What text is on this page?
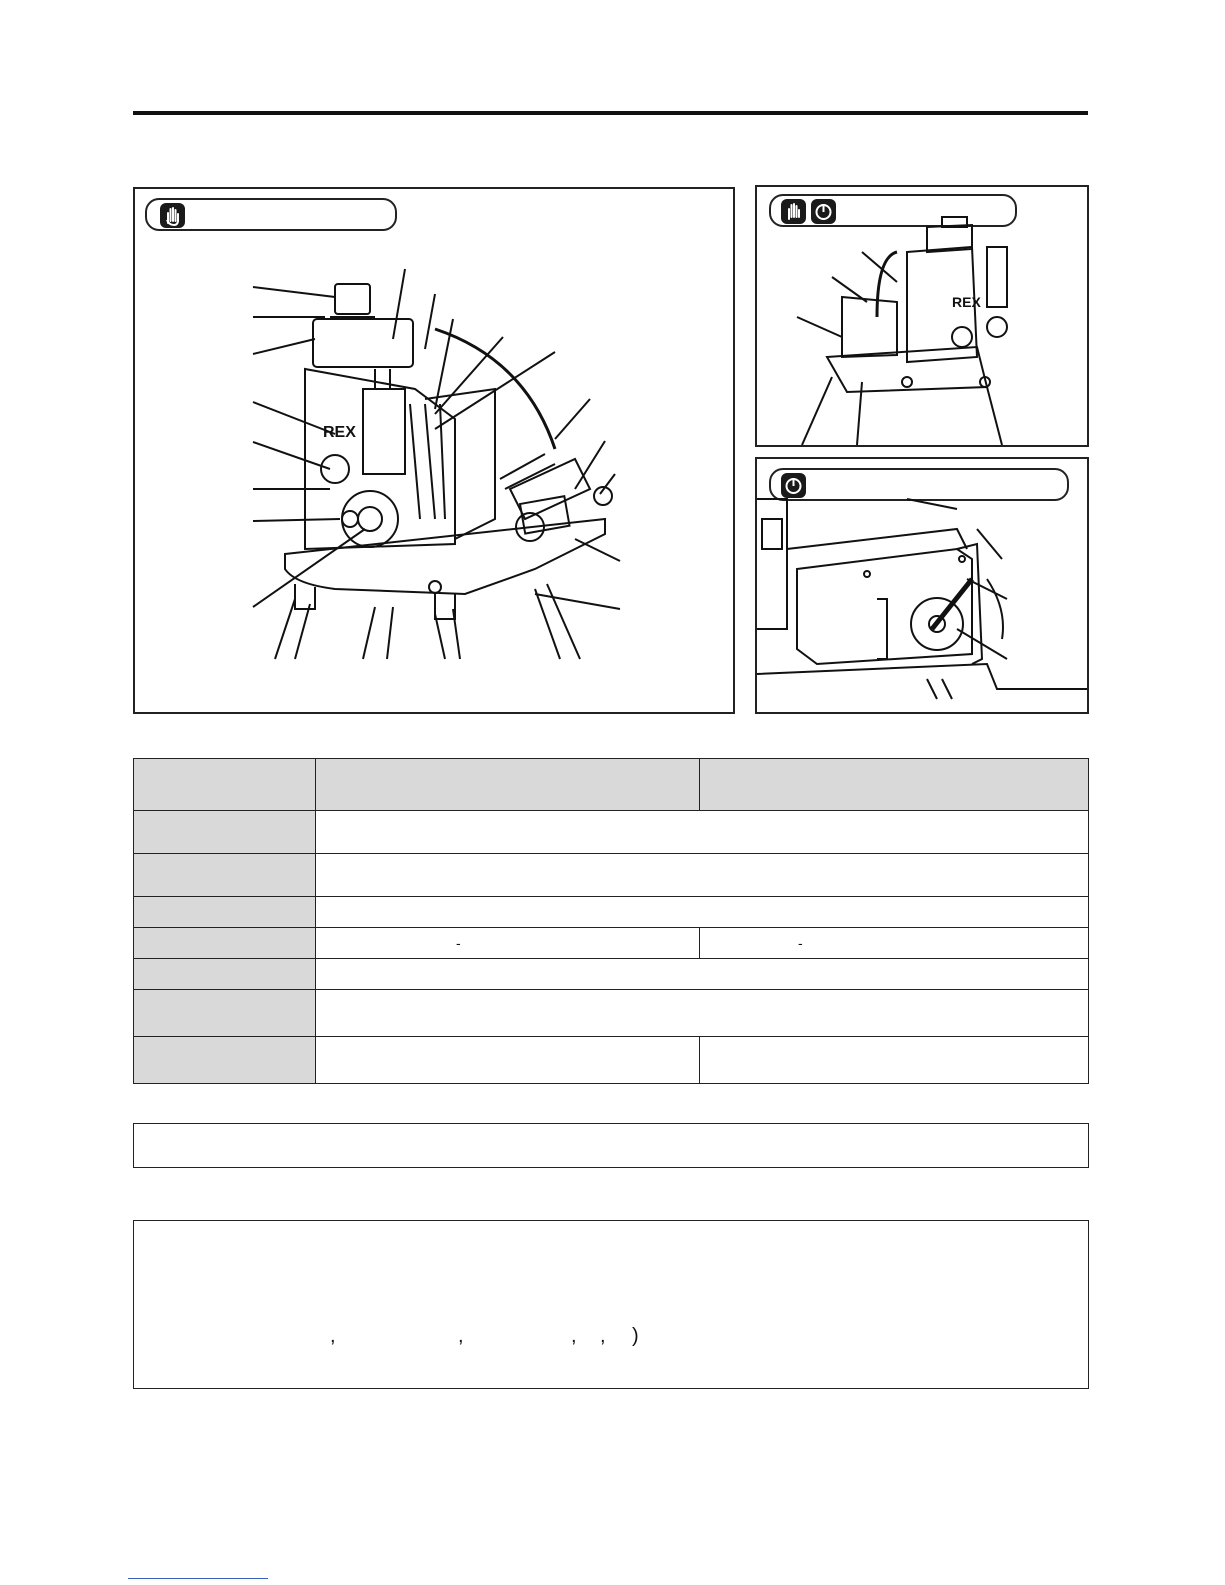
REX
REX

	-	-

,	,	, , )
